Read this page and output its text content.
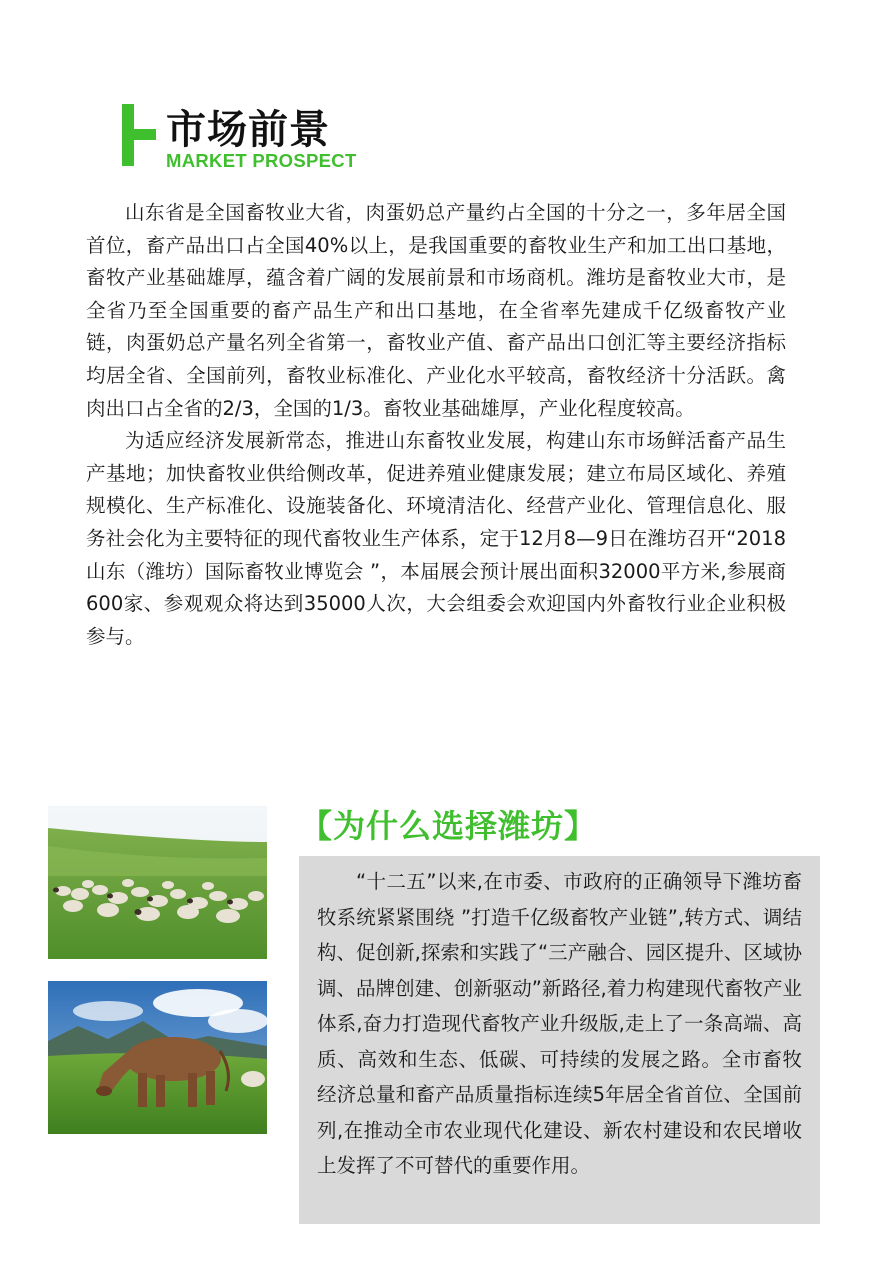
市场前景
MARKET PROSPECT

山东省是全国畜牧业大省，肉蛋奶总产量约占全国的十分之一，多年居全国首位，畜产品出口占全国40%以上，是我国重要的畜牧业生产和加工出口基地，畜牧产业基础雄厚，蕴含着广阔的发展前景和市场商机。潍坊是畜牧业大市，是全省乃至全国重要的畜产品生产和出口基地，在全省率先建成千亿级畜牧产业链，肉蛋奶总产量名列全省第一，畜牧业产值、畜产品出口创汇等主要经济指标均居全省、全国前列，畜牧业标准化、产业化水平较高，畜牧经济十分活跃。禽肉出口占全省的2/3，全国的1/3。畜牧业基础雄厚，产业化程度较高。

为适应经济发展新常态，推进山东畜牧业发展，构建山东市场鲜活畜产品生产基地；加快畜牧业供给侧改革，促进养殖业健康发展；建立布局区域化、养殖规模化、生产标准化、设施装备化、环境清洁化、经营产业化、管理信息化、服务社会化为主要特征的现代畜牧业生产体系，定于12月8—9日在潍坊召开“2018山东（潍坊）国际畜牧业博览会 ”，本届展会预计展出面积32000平方米,参展商600家、参观观众将达到35000人次，大会组委会欢迎国内外畜牧行业企业积极参与。

【为什么选择潍坊】

“十二五”以来,在市委、市政府的正确领导下潍坊畜牧系统紧紧围绕 ”打造千亿级畜牧产业链”,转方式、调结构、促创新,探索和实践了“三产融合、园区提升、区域协调、品牌创建、创新驱动”新路径,着力构建现代畜牧产业体系,奋力打造现代畜牧产业升级版,走上了一条高端、高质、高效和生态、低碳、可持续的发展之路。全市畜牧经济总量和畜产品质量指标连续5年居全省首位、全国前列,在推动全市农业现代化建设、新农村建设和农民增收上发挥了不可替代的重要作用。
